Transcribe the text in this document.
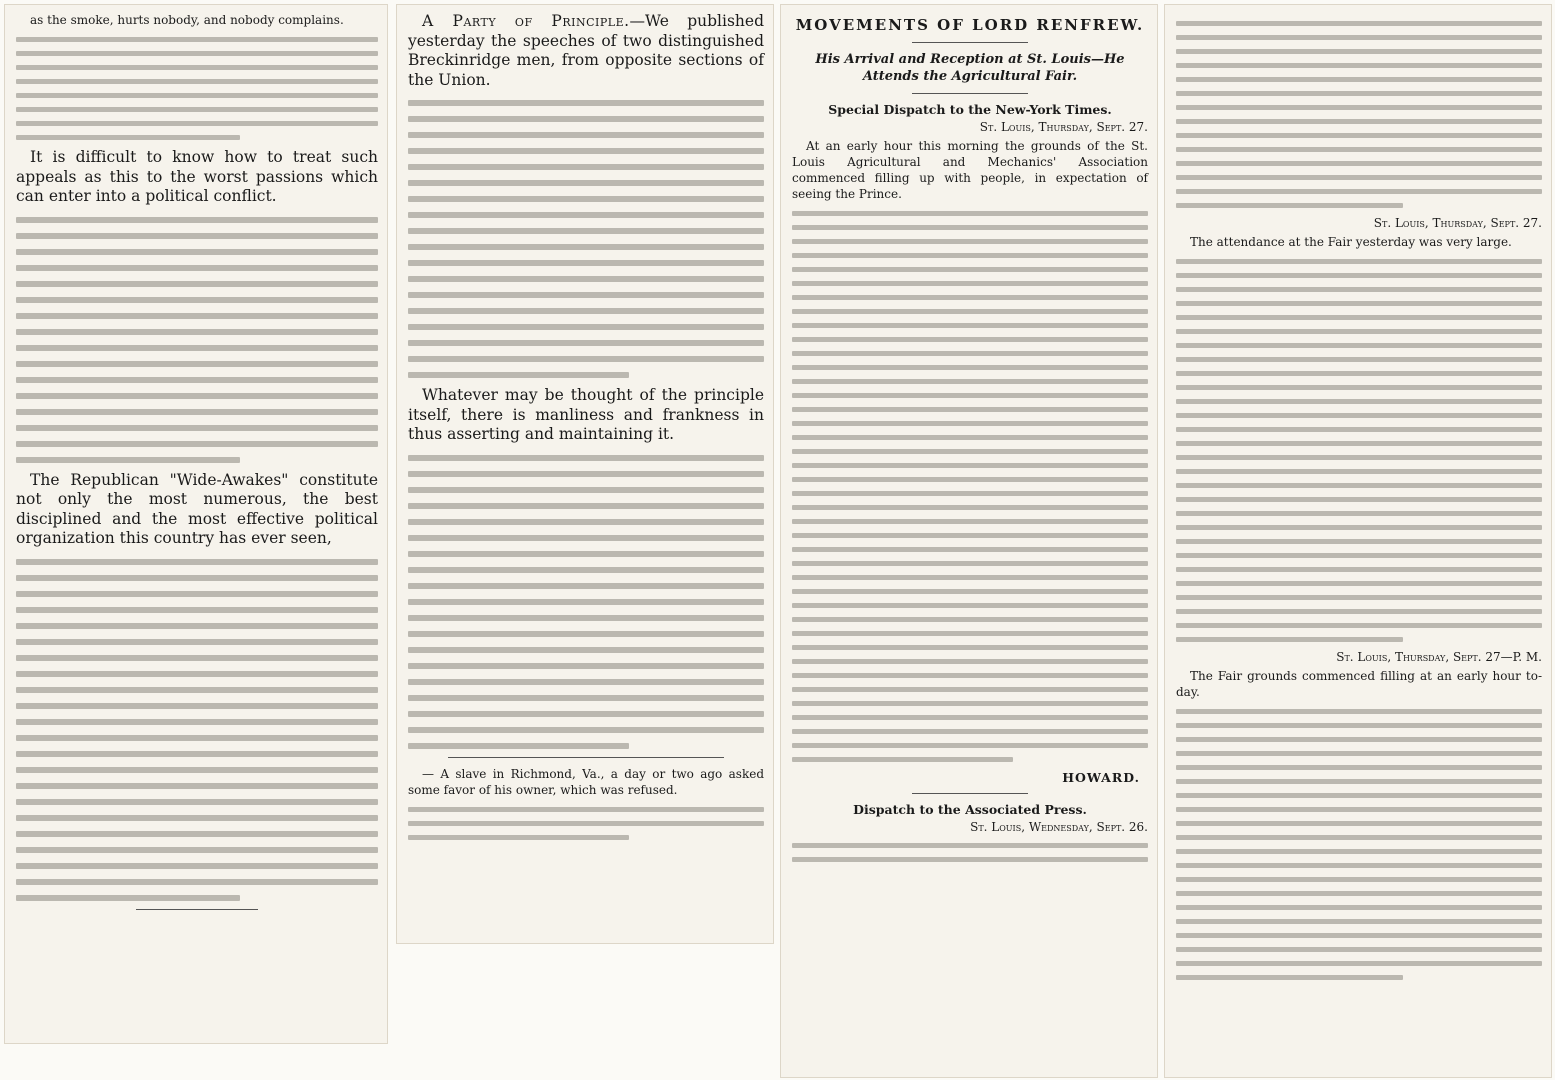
as the smoke, hurts nobody, and nobody complains.

It is difficult to know how to treat such appeals as this to the worst passions which can enter into a political conflict.

The Republican "Wide-Awakes" constitute not only the most numerous, the best disciplined and the most effective political organization this country has ever seen,

A Party of Principle.—We published yesterday the speeches of two distinguished Breckinridge men, from opposite sections of the Union.

Whatever may be thought of the principle itself, there is manliness and frankness in thus asserting and maintaining it.

— A slave in Richmond, Va., a day or two ago asked some favor of his owner, which was refused.

MOVEMENTS OF LORD RENFREW.
His Arrival and Reception at St. Louis—He Attends the Agricultural Fair.
Special Dispatch to the New-York Times.
St. Louis, Thursday, Sept. 27.

At an early hour this morning the grounds of the St. Louis Agricultural and Mechanics' Association commenced filling up with people, in expectation of seeing the Prince.

HOWARD.
Dispatch to the Associated Press.
St. Louis, Wednesday, Sept. 26.
St. Louis, Thursday, Sept. 27.

The attendance at the Fair yesterday was very large.

St. Louis, Thursday, Sept. 27—P. M.

The Fair grounds commenced filling at an early hour to-day.
